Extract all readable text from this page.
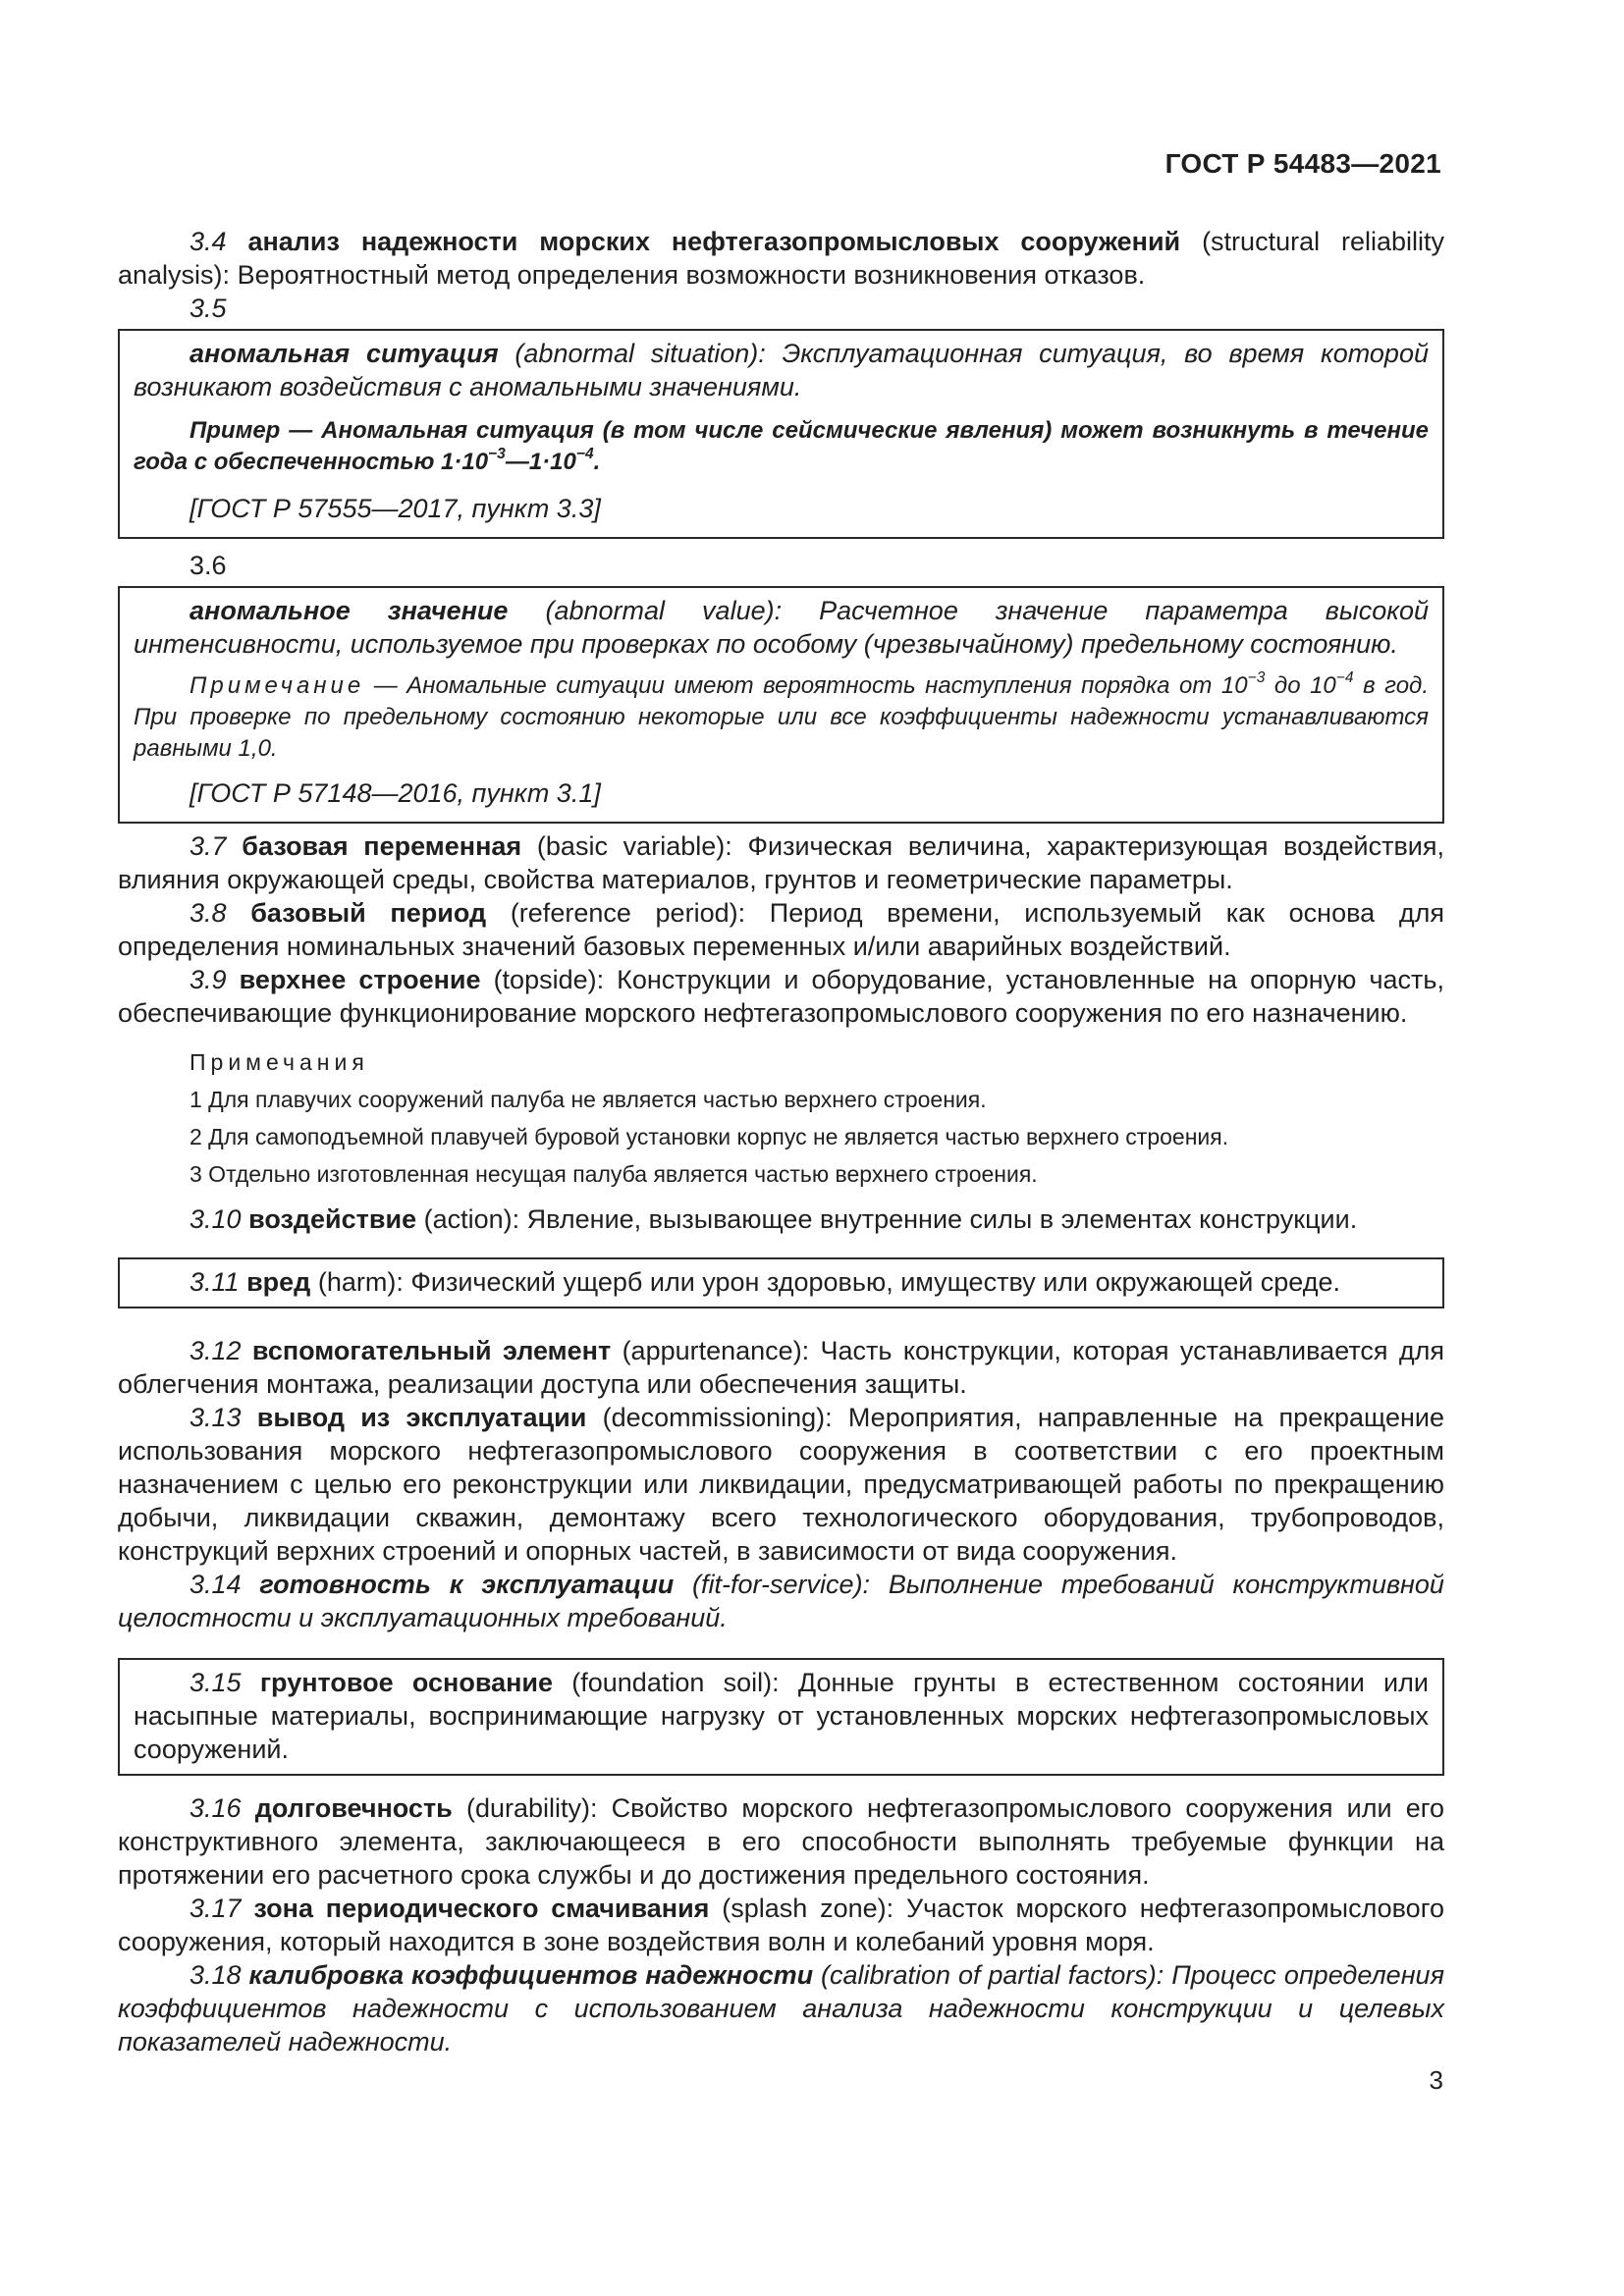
ГОСТ Р 54483—2021

3.4 анализ надежности морских нефтегазопромысловых сооружений (structural reliability analysis): Вероятностный метод определения возможности возникновения отказов.

3.5

аномальная ситуация (abnormal situation): Эксплуатационная ситуация, во время которой возникают воздействия с аномальными значениями.

Пример — Аномальная ситуация (в том числе сейсмические явления) может возникнуть в течение года с обеспеченностью $1\cdot 10^{-3}—1\cdot 10^{-4}$.

[ГОСТ Р 57555—2017, пункт 3.3]

3.6

аномальное значение (abnormal value): Расчетное значение параметра высокой интенсивности, используемое при проверках по особому (чрезвычайному) предельному состоянию.

Примечание — Аномальные ситуации имеют вероятность наступления порядка от $10^{-3}$ до $10^{-4}$ в год. При проверке по предельному состоянию некоторые или все коэффициенты надежности устанавливаются равными 1,0.

[ГОСТ Р 57148—2016, пункт 3.1]

3.7 базовая переменная (basic variable): Физическая величина, характеризующая воздействия, влияния окружающей среды, свойства материалов, грунтов и геометрические параметры.

3.8 базовый период (reference period): Период времени, используемый как основа для определения номинальных значений базовых переменных и/или аварийных воздействий.

3.9 верхнее строение (topside): Конструкции и оборудование, установленные на опорную часть, обеспечивающие функционирование морского нефтегазопромыслового сооружения по его назначению.

Примечания
1 Для плавучих сооружений палуба не является частью верхнего строения.
2 Для самоподъемной плавучей буровой установки корпус не является частью верхнего строения.
3 Отдельно изготовленная несущая палуба является частью верхнего строения.

3.10 воздействие (action): Явление, вызывающее внутренние силы в элементах конструкции.

3.11 вред (harm): Физический ущерб или урон здоровью, имуществу или окружающей среде.

3.12 вспомогательный элемент (appurtenance): Часть конструкции, которая устанавливается для облегчения монтажа, реализации доступа или обеспечения защиты.

3.13 вывод из эксплуатации (decommissioning): Мероприятия, направленные на прекращение использования морского нефтегазопромыслового сооружения в соответствии с его проектным назначением с целью его реконструкции или ликвидации, предусматривающей работы по прекращению добычи, ликвидации скважин, демонтажу всего технологического оборудования, трубопроводов, конструкций верхних строений и опорных частей, в зависимости от вида сооружения.

3.14 готовность к эксплуатации (fit-for-service): Выполнение требований конструктивной целостности и эксплуатационных требований.

3.15 грунтовое основание (foundation soil): Донные грунты в естественном состоянии или насыпные материалы, воспринимающие нагрузку от установленных морских нефтегазопромысловых сооружений.

3.16 долговечность (durability): Свойство морского нефтегазопромыслового сооружения или его конструктивного элемента, заключающееся в его способности выполнять требуемые функции на протяжении его расчетного срока службы и до достижения предельного состояния.

3.17 зона периодического смачивания (splash zone): Участок морского нефтегазопромыслового сооружения, который находится в зоне воздействия волн и колебаний уровня моря.

3.18 калибровка коэффициентов надежности (calibration of partial factors): Процесс определения коэффициентов надежности с использованием анализа надежности конструкции и целевых показателей надежности.

3
